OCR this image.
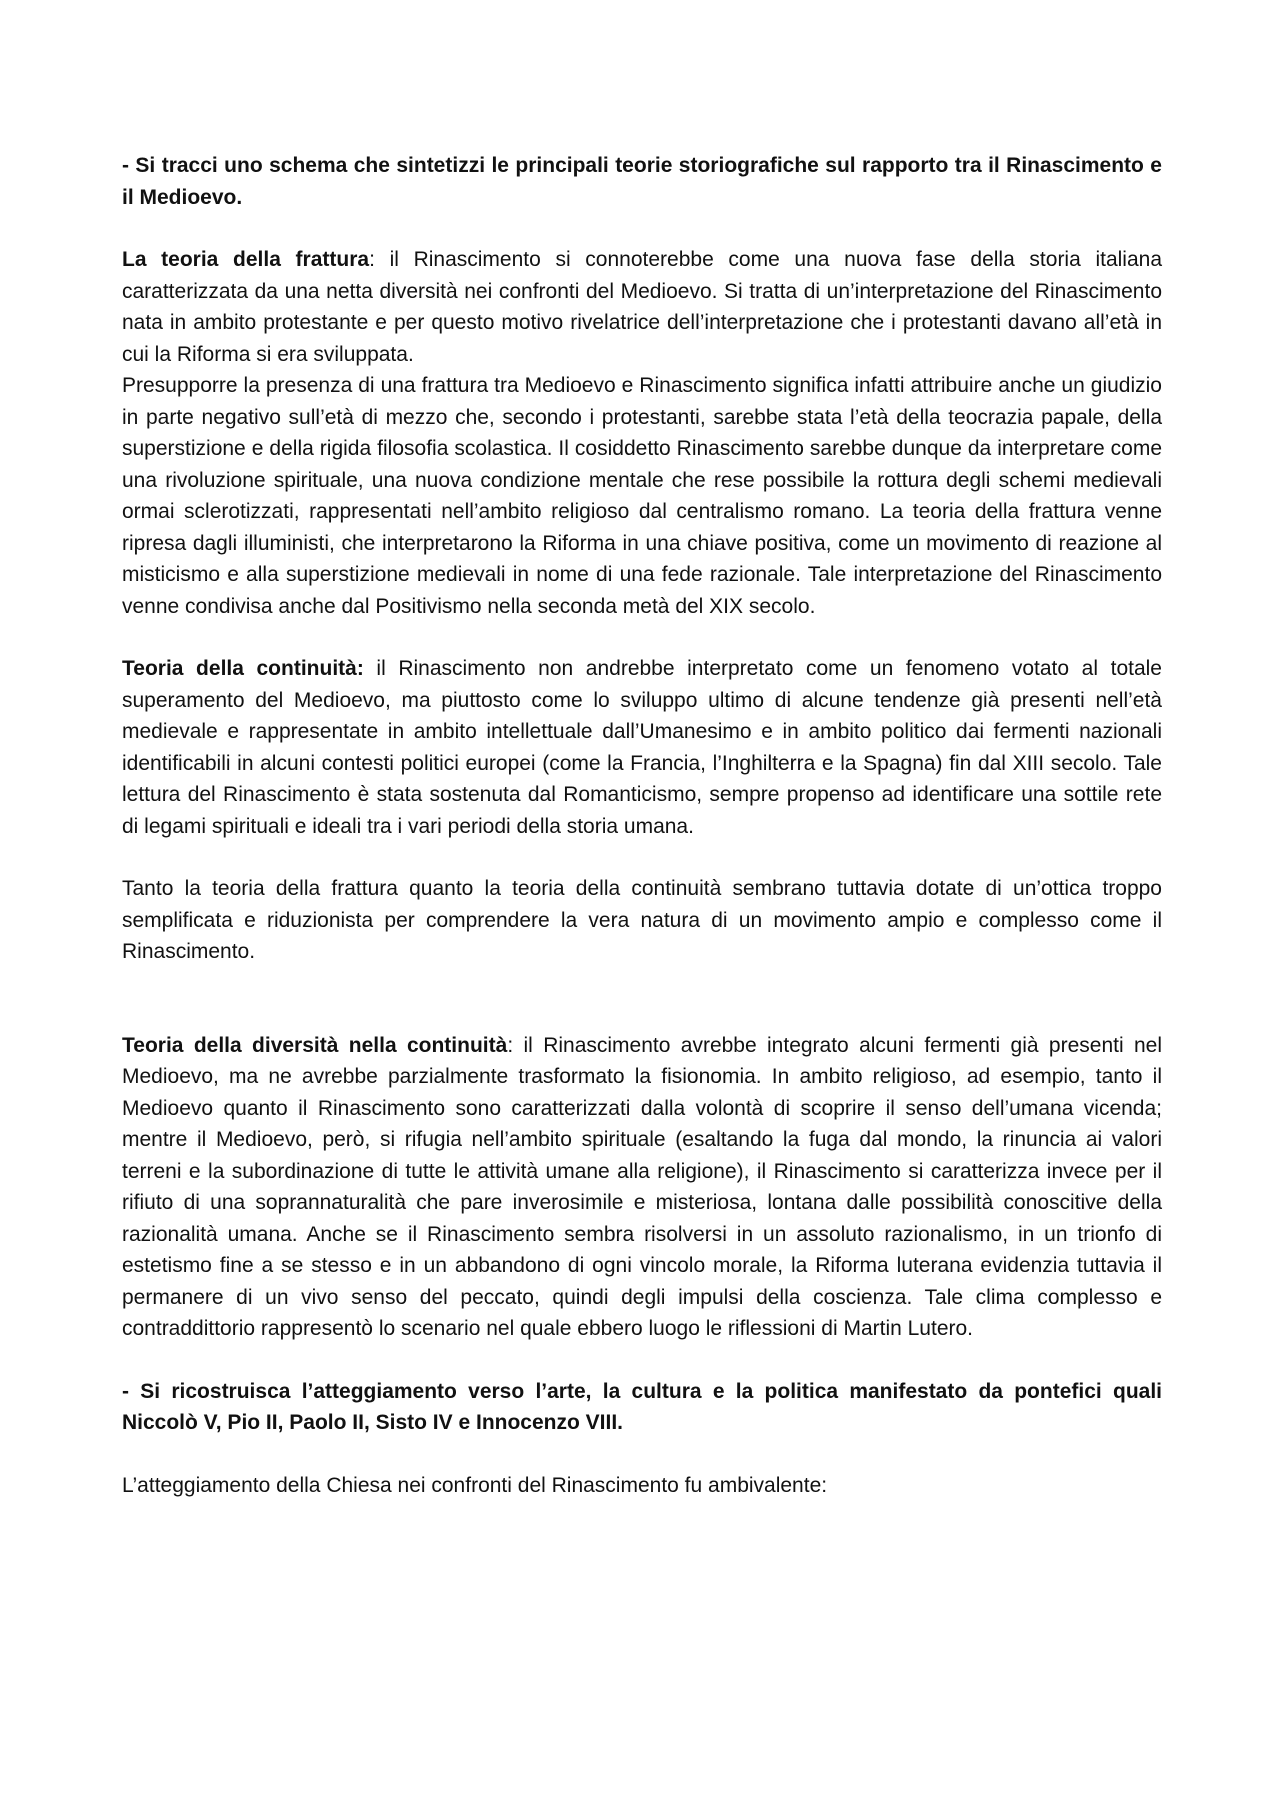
- Si tracci uno schema che sintetizzi le principali teorie storiografiche sul rapporto tra il Rinascimento e il Medioevo.

La teoria della frattura: il Rinascimento si connoterebbe come una nuova fase della storia italiana caratterizzata da una netta diversità nei confronti del Medioevo. Si tratta di un’interpretazione del Rinascimento nata in ambito protestante e per questo motivo rivelatrice dell’interpretazione che i protestanti davano all’età in cui la Riforma si era sviluppata.

Presupporre la presenza di una frattura tra Medioevo e Rinascimento significa infatti attribuire anche un giudizio in parte negativo sull’età di mezzo che, secondo i protestanti, sarebbe stata l’età della teocrazia papale, della superstizione e della rigida filosofia scolastica. Il cosiddetto Rinascimento sarebbe dunque da interpretare come una rivoluzione spirituale, una nuova condizione mentale che rese possibile la rottura degli schemi medievali ormai sclerotizzati, rappresentati nell’ambito religioso dal centralismo romano. La teoria della frattura venne ripresa dagli illuministi, che interpretarono la Riforma in una chiave positiva, come un movimento di reazione al misticismo e alla superstizione medievali in nome di una fede razionale. Tale interpretazione del Rinascimento venne condivisa anche dal Positivismo nella seconda metà del XIX secolo.

Teoria della continuità: il Rinascimento non andrebbe interpretato come un fenomeno votato al totale superamento del Medioevo, ma piuttosto come lo sviluppo ultimo di alcune tendenze già presenti nell’età medievale e rappresentate in ambito intellettuale dall’Umanesimo e in ambito politico dai fermenti nazionali identificabili in alcuni contesti politici europei (come la Francia, l’Inghilterra e la Spagna) fin dal XIII secolo. Tale lettura del Rinascimento è stata sostenuta dal Romanticismo, sempre propenso ad identificare una sottile rete di legami spirituali e ideali tra i vari periodi della storia umana.

Tanto la teoria della frattura quanto la teoria della continuità sembrano tuttavia dotate di un’ottica troppo semplificata e riduzionista per comprendere la vera natura di un movimento ampio e complesso come il Rinascimento.

Teoria della diversità nella continuità: il Rinascimento avrebbe integrato alcuni fermenti già presenti nel Medioevo, ma ne avrebbe parzialmente trasformato la fisionomia. In ambito religioso, ad esempio, tanto il Medioevo quanto il Rinascimento sono caratterizzati dalla volontà di scoprire il senso dell’umana vicenda; mentre il Medioevo, però, si rifugia nell’ambito spirituale (esaltando la fuga dal mondo, la rinuncia ai valori terreni e la subordinazione di tutte le attività umane alla religione), il Rinascimento si caratterizza invece per il rifiuto di una soprannaturalità che pare inverosimile e misteriosa, lontana dalle possibilità conoscitive della razionalità umana. Anche se il Rinascimento sembra risolversi in un assoluto razionalismo, in un trionfo di estetismo fine a se stesso e in un abbandono di ogni vincolo morale, la Riforma luterana evidenzia tuttavia il permanere di un vivo senso del peccato, quindi degli impulsi della coscienza. Tale clima complesso e contraddittorio rappresentò lo scenario nel quale ebbero luogo le riflessioni di Martin Lutero.

- Si ricostruisca l’atteggiamento verso l’arte, la cultura e la politica manifestato da pontefici quali Niccolò V, Pio II, Paolo II, Sisto IV e Innocenzo VIII.

L’atteggiamento della Chiesa nei confronti del Rinascimento fu ambivalente:
